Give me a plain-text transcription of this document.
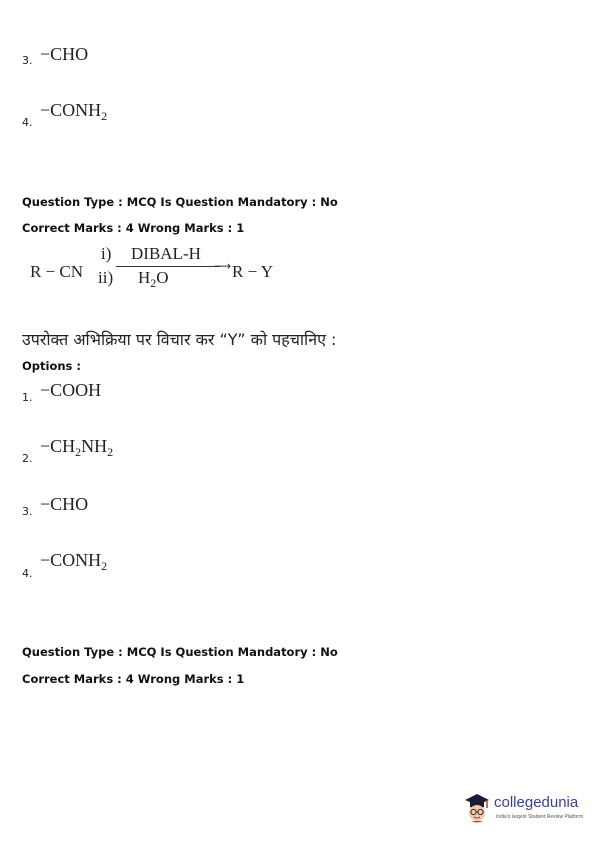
3. −CHO
4.
$-CONH_2$
Question Type : MCQ Is Question Mandatory : No
Correct Marks : 4 Wrong Marks : 1
R − CN
i) DIBAL-H
⟶
ii) $H_2O$	R − Y
उपरोक्त अभिक्रिया पर विचार कर “Y” को पहचानिए :
Options :
1. −COOH
2.
$-CH_2NH_2$
3. −CHO
4.
$-CONH_2$
Question Type : MCQ Is Question Mandatory : No
Correct Marks : 4 Wrong Marks : 1
collegedunia
India's largest Student Review Platform
